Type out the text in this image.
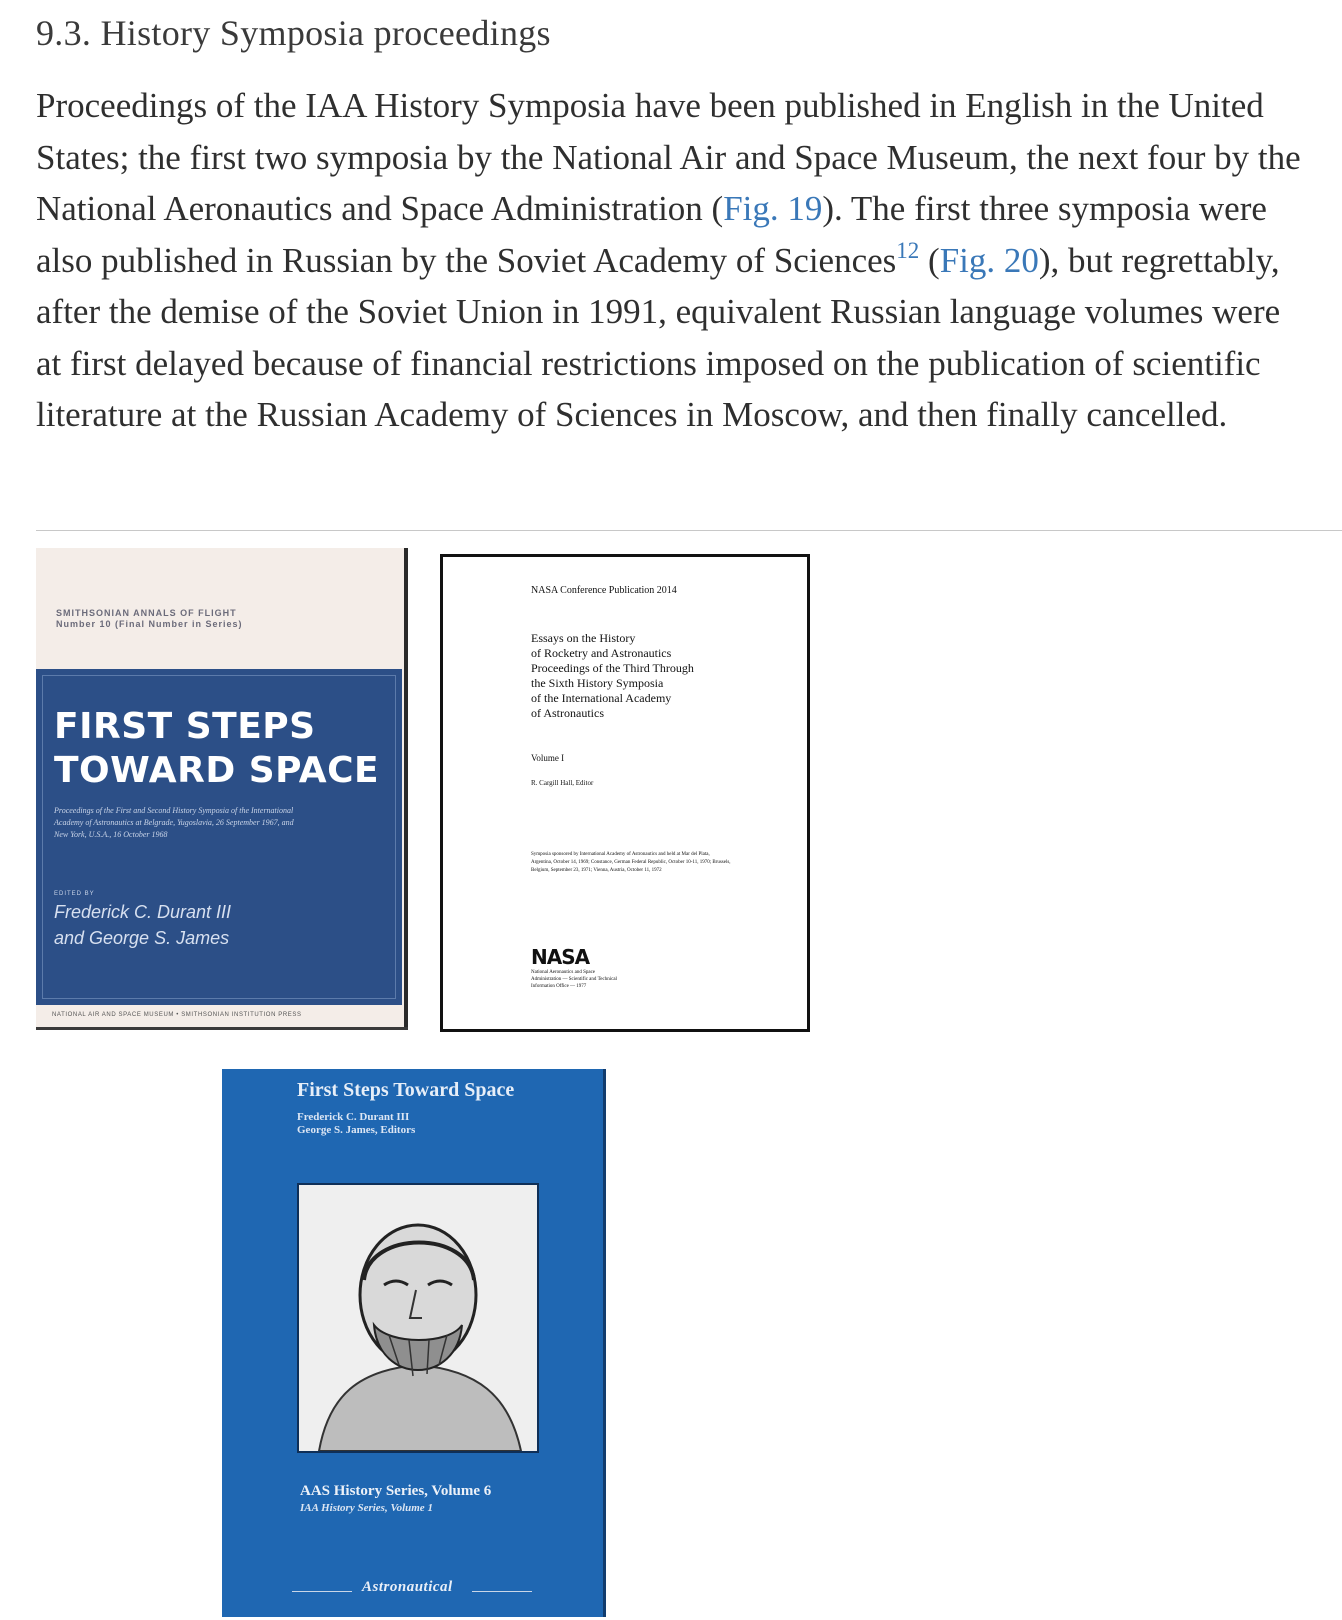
9.3. History Symposia proceedings
Proceedings of the IAA History Symposia have been published in English in the United States; the first two symposia by the National Air and Space Museum, the next four by the National Aeronautics and Space Administration (Fig. 19). The first three symposia were also published in Russian by the Soviet Academy of Sciences$^{12}$ (Fig. 20), but regrettably, after the demise of the Soviet Union in 1991, equivalent Russian language volumes were at first delayed because of financial restrictions imposed on the publication of scientific literature at the Russian Academy of Sciences in Moscow, and then finally cancelled.
SMITHSONIAN ANNALS OF FLIGHT
Number 10 (Final Number in Series)
FIRST STEPS
TOWARD SPACE
Proceedings of the First and Second History Symposia of the International Academy of Astronautics at Belgrade, Yugoslavia, 26 September 1967, and New York, U.S.A., 16 October 1968
EDITED BY
Frederick C. Durant III
and George S. James
NATIONAL AIR AND SPACE MUSEUM • SMITHSONIAN INSTITUTION PRESS
NASA Conference Publication 2014
Essays on the History
of Rocketry and Astronautics
Proceedings of the Third Through
the Sixth History Symposia
of the International Academy
of Astronautics
Volume I
R. Cargill Hall, Editor
Symposia sponsored by International Academy of Astronautics and held at Mar del Plata, Argentina, October 14, 1969; Constance, German Federal Republic, October 10-11, 1970; Brussels, Belgium, September 23, 1971; Vienna, Austria, October 11, 1972
NASA
National Aeronautics and Space Administration — Scientific and Technical Information Office — 1977
First Steps Toward Space
Frederick C. Durant III
George S. James, Editors
AAS History Series, Volume 6
IAA History Series, Volume 1
Astronautical
